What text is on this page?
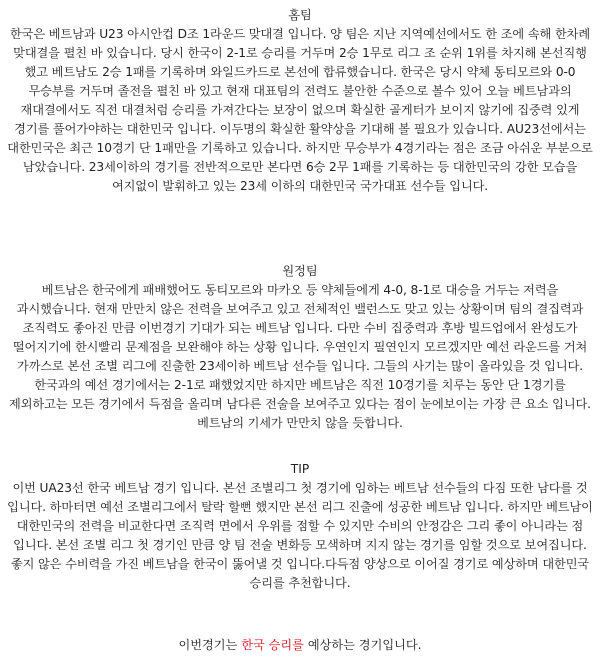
홈팀

한국은 베트남과 U23 아시안컵 D조 1라운드 맞대결 입니다. 양 팀은 지난 지역예선에서도 한 조에 속해 한차례 맞대결을 펼친 바 있습니다. 당시 한국이 2-1로 승리를 거두며 2승 1무로 리그 조 순위 1위를 차지해 본선직행 했고 베트남도 2승 1패를 기록하며 와일드카드로 본선에 합류했습니다. 한국은 당시 약체 동티모르와 0-0 무승부를 거두며 졸전을 펼친 바 있고 현재 대표팀의 전력도 불안한 수준으로 볼수 있어 오늘 베트남과의 재대결에서도 직전 대결처럼 승리를 가져간다는 보장이 없으며 확실한 골게터가 보이지 않기에 집중력 있게 경기를 풀어가야하는 대한민국 입니다. 이두명의 확실한 활약상을 기대해 볼 필요가 있습니다. AU23선에서는 대한민국은 최근 10경기 단 1패만을 기록하고 있습니다. 하지만 무승부가 4경기라는 점은 조금 아쉬운 부분으로 남았습니다. 23세이하의 경기를 전반적으로만 본다면 6승 2무 1패를 기록하는 등 대한민국의 강한 모습을 여지없이 발휘하고 있는 23세 이하의 대한민국 국가대표 선수들 입니다.

원정팀

베트남은 한국에게 패배했어도 동티모르와 마카오 등 약체들에게 4-0, 8-1로 대승을 거두는 저력을 과시했습니다. 현재 만만치 않은 전력을 보여주고 있고 전체적인 밸런스도 맞고 있는 상황이며 팀의 결집력과 조직력도 좋아진 만큼 이번경기 기대가 되는 베트남 입니다. 다만 수비 집중력과 후방 빌드업에서 완성도가 떨어지기에 한시빨리 문제점을 보완해야 하는 상황 입니다. 우연인지 필연인지 모르겠지만 예선 라운드를 거쳐 가까스로 본선 조별 리그에 진출한 23세이하 베트남 선수들 입니다. 그들의 사기는 많이 올라있을 것 입니다. 한국과의 예선 경기에서는 2-1로 패했었지만 하지만 베트남은 직전 10경기를 치루는 동안 단 1경기를 제외하고는 모든 경기에서 득점을 올리며 남다른 전술을 보여주고 있다는 점이 눈에보이는 가장 큰 요소 입니다. 베트남의 기세가 만만치 않을 듯합니다.

TIP

이번 UA23선 한국 베트남 경기 입니다. 본선 조별리그 첫 경기에 임하는 베트남 선수들의 다짐 또한 남다를 것 입니다. 하마터면 예선 조별리그에서 탈락 할뻔 했지만 본선 리그 진출에 성공한 베트남 입니다. 하지만 베트남이 대한민국의 전력을 비교한다면 조직력 면에서 우위를 점할 수 있지만 수비의 안정감은 그리 좋이 아니라는 점 입니다. 본선 조별 리그 첫 경기인 만큼 양 팀 전술 변화등 모색하며 지지 않는 경기를 임할 것으로 보여집니다. 좋지 않은 수비력을 가진 베트남을 한국이 뚫어낼 것 입니다.다득점 양상으로 이어질 경기로 예상하며 대한민국 승리를 추천합니다.

이번경기는 한국 승리를 예상하는 경기입니다.
